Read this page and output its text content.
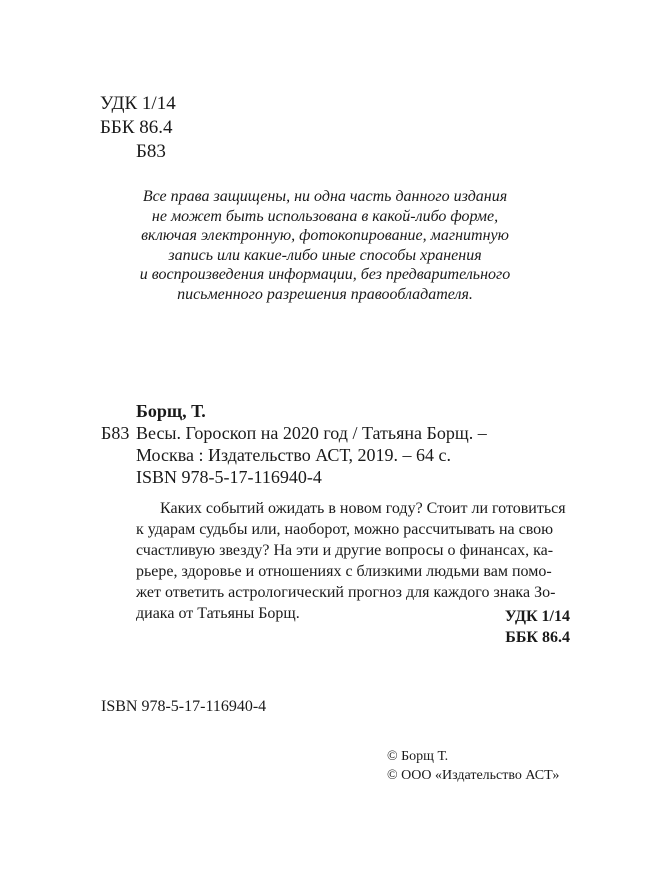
УДК 1/14
ББК 86.4
Б83
Все права защищены, ни одна часть данного издания
не может быть использована в какой-либо форме,
включая электронную, фотокопирование, магнитную
запись или какие-либо иные способы хранения
и воспроизведения информации, без предварительного
письменного разрешения правообладателя.
Борщ, Т.
Б83 Весы. Гороскоп на 2020 год / Татьяна Борщ. –
Москва : Издательство АСТ, 2019. – 64 с.
ISBN 978-5-17-116940-4
Каких событий ожидать в новом году? Стоит ли готовиться
к ударам судьбы или, наоборот, можно рассчитывать на свою
счастливую звезду? На эти и другие вопросы о финансах, ка-
рьере, здоровье и отношениях с близкими людьми вам помо-
жет ответить астрологический прогноз для каждого знака Зо-
диака от Татьяны Борщ.	УДК 1/14
ББК 86.4
ISBN 978-5-17-116940-4
© Борщ Т.
© ООО «Издательство АСТ»
